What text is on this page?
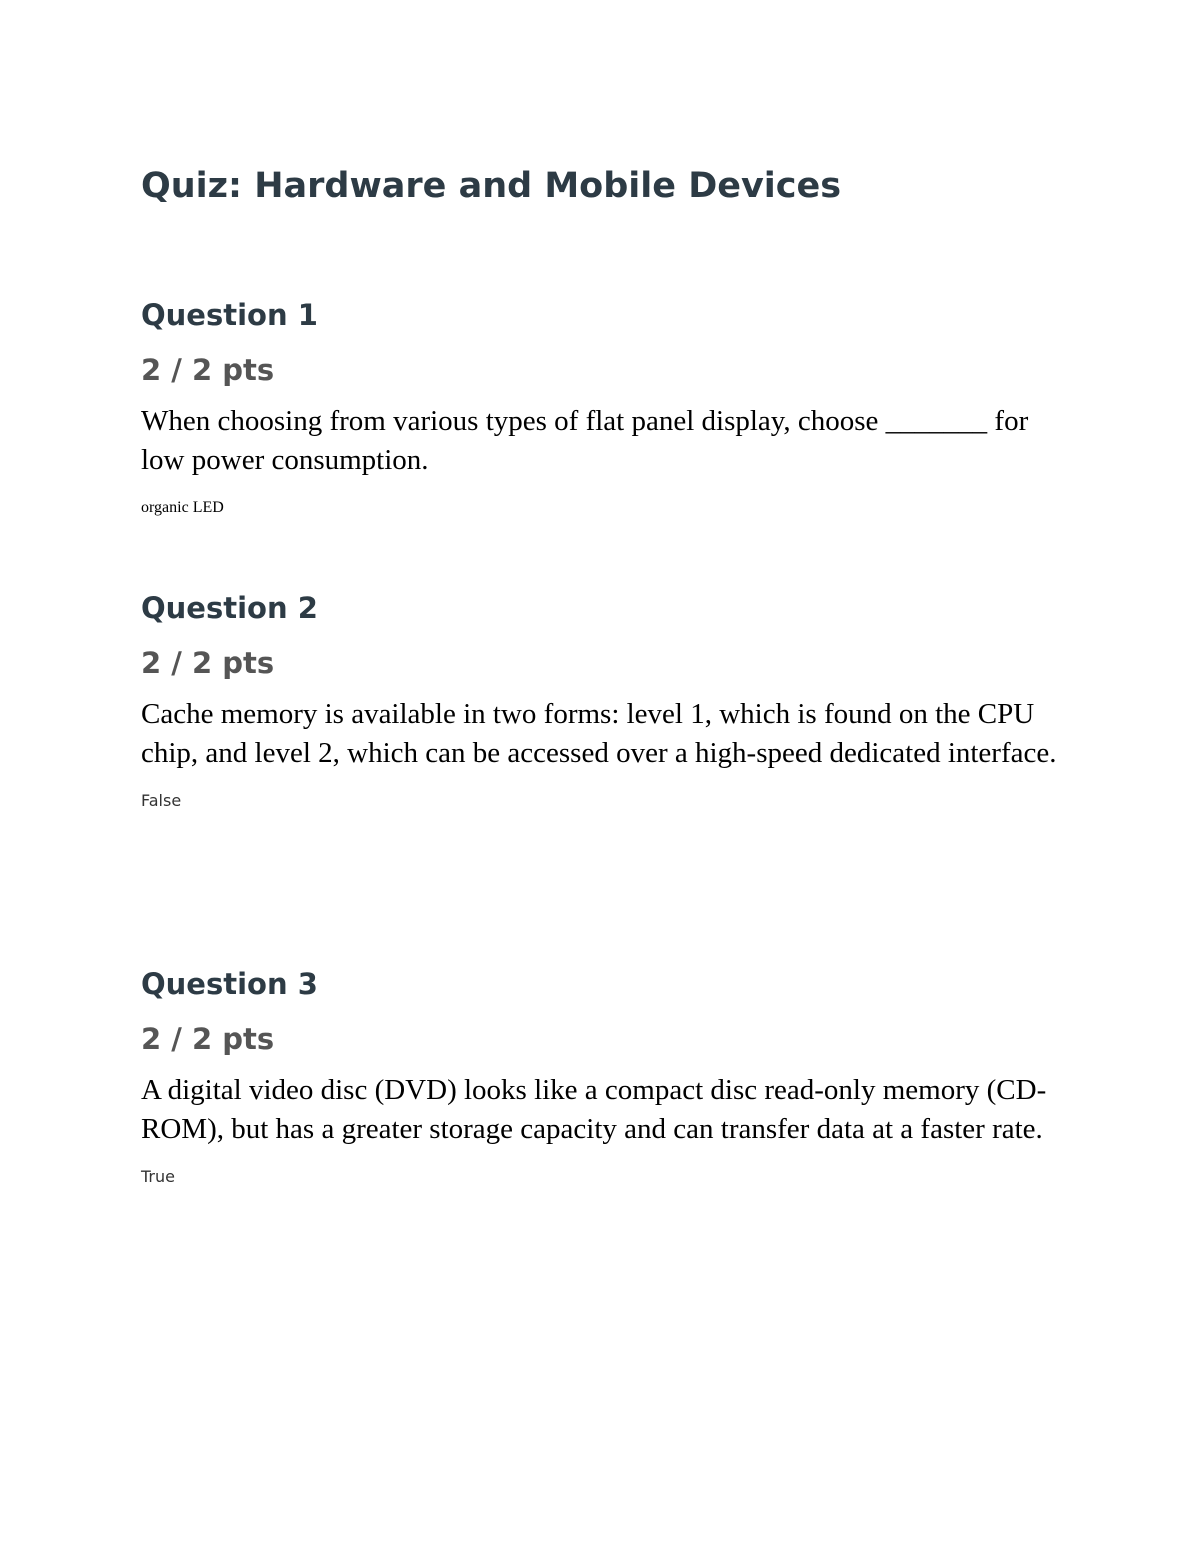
Quiz: Hardware and Mobile Devices
Question 1
2 / 2 pts

When choosing from various types of flat panel display, choose _______ for low power consumption.

organic LED
Question 2
2 / 2 pts

Cache memory is available in two forms: level 1, which is found on the CPU chip, and level 2, which can be accessed over a high-speed dedicated interface.

False
Question 3
2 / 2 pts

A digital video disc (DVD) looks like a compact disc read-only memory (CD-ROM), but has a greater storage capacity and can transfer data at a faster rate.

True
